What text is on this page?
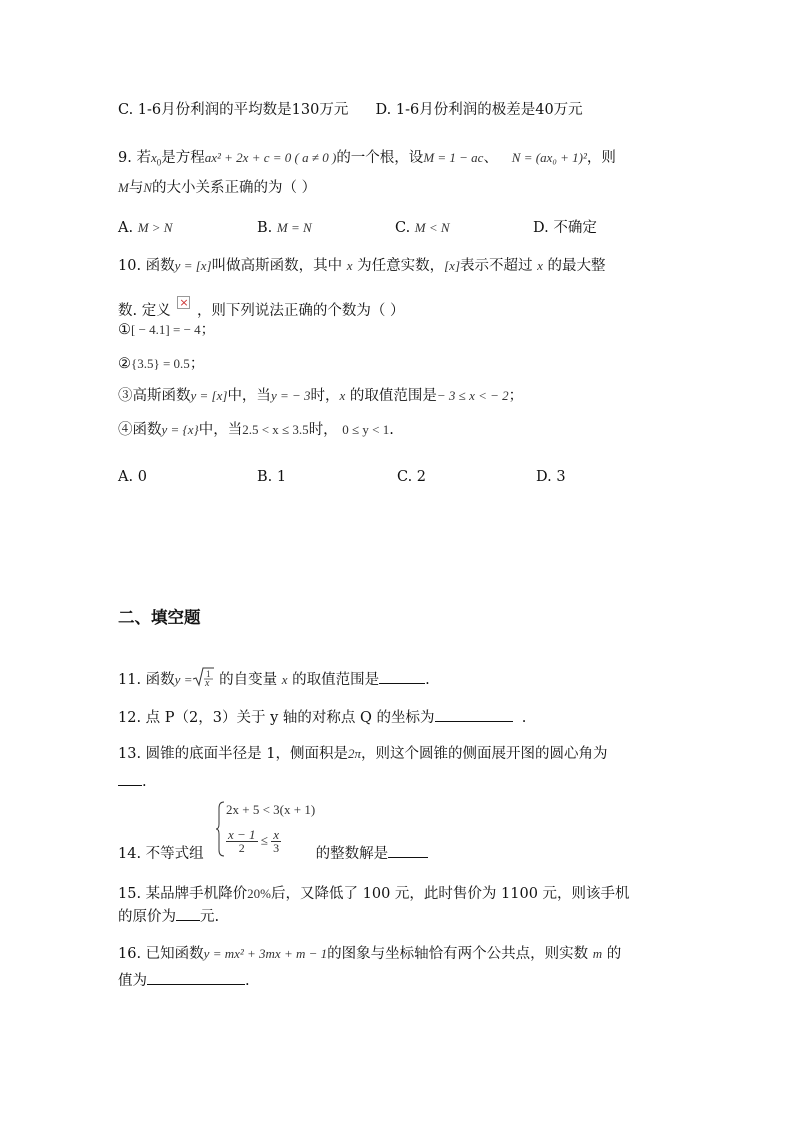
C. 1-6月份利润的平均数是130万元 D. 1-6月份利润的极差是40万元
9. 若$x_0$是方程ax² + 2x + c = 0 ( a ≠ 0 )的一个根，设M = 1 − ac、 N = (ax₀ + 1)²，则
M与N的大小关系正确的为（ ）
A. M > N	B. M = N	C. M < N	D. 不确定
10. 函数y = [x]叫做高斯函数，其中 x 为任意实数，[x]表示不超过 x 的最大整
数. 定义 × ，则下列说法正确的个数为（ ）
①[ − 4.1] = − 4；
②{3.5} = 0.5；
③高斯函数y = [x]中，当y = − 3时，x 的取值范围是− 3 ≤ x < − 2；
④函数y = {x}中，当2.5 < x ≤ 3.5时， 0 ≤ y < 1.
A. 0	B. 1	C. 2	D. 3
二、填空题
11. 函数y = 1
x 的自变量 x 的取值范围是	.
12. 点 P（2，3）关于 y 轴的对称点 Q 的坐标为	.
13. 圆锥的底面半径是 1，侧面积是2π，则这个圆锥的侧面展开图的圆心角为
.
2x + 5 < 3(x + 1)
$\frac{x - 1}{2} \le \frac{x}{3}$
14. 不等式组	的整数解是
15. 某品牌手机降价20%后，又降低了 100 元，此时售价为 1100 元，则该手机
的原价为 元.
16. 已知函数y = mx² + 3mx + m − 1的图象与坐标轴恰有两个公共点，则实数 m 的
值为	.
